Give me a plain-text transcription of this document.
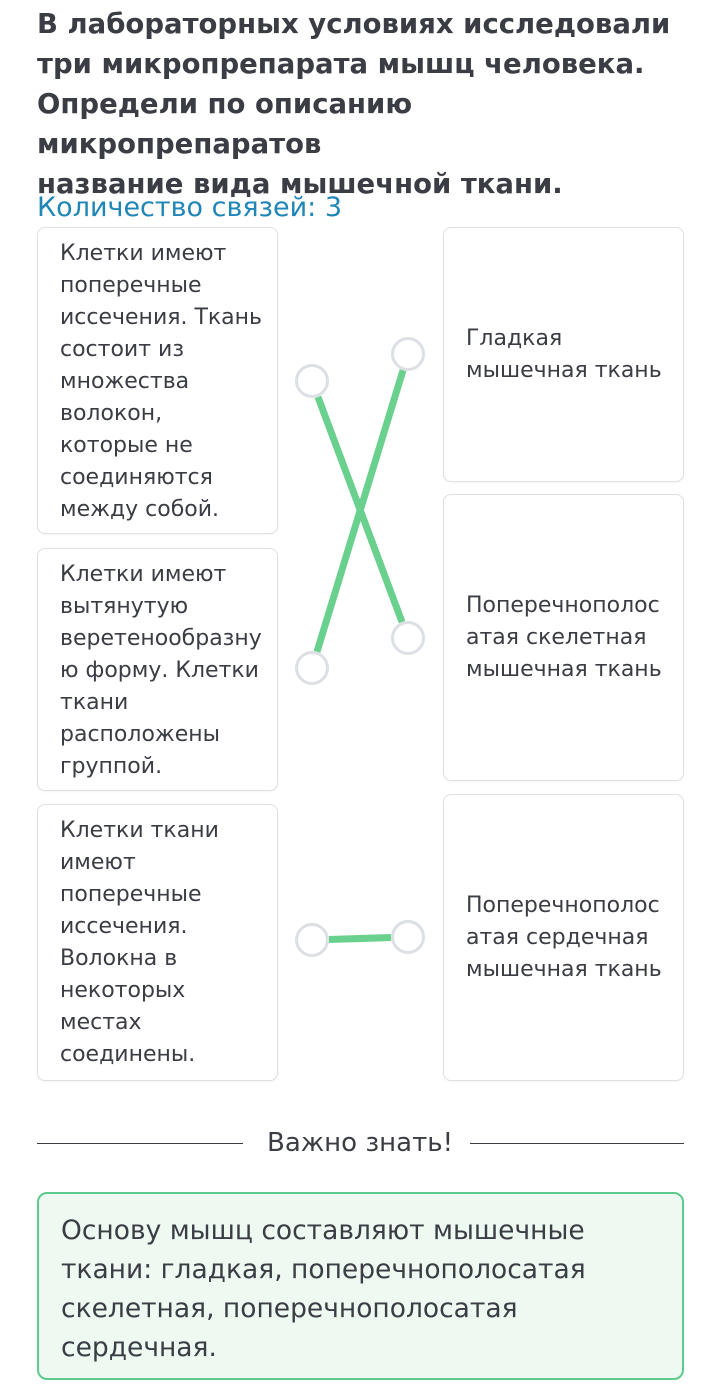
В лабораторных условиях исследовали
три микропрепарата мышц человека.
Определи по описанию микропрепаратов
название вида мышечной ткани.
Количество связей: 3
Клетки имеют
поперечные
иссечения. Ткань
состоит из
множества
волокон,
которые не
соединяются
между собой.
Клетки имеют
вытянутую
веретенообразну
ю форму. Клетки
ткани
расположены
группой.
Клетки ткани
имеют
поперечные
иссечения.
Волокна в
некоторых
местах
соединены.
Гладкая
мышечная ткань
Поперечнополос
атая скелетная
мышечная ткань
Поперечнополос
атая сердечная
мышечная ткань
Важно знать!
Основу мышц составляют мышечные
ткани: гладкая, поперечнополосатая
скелетная, поперечнополосатая
сердечная.
